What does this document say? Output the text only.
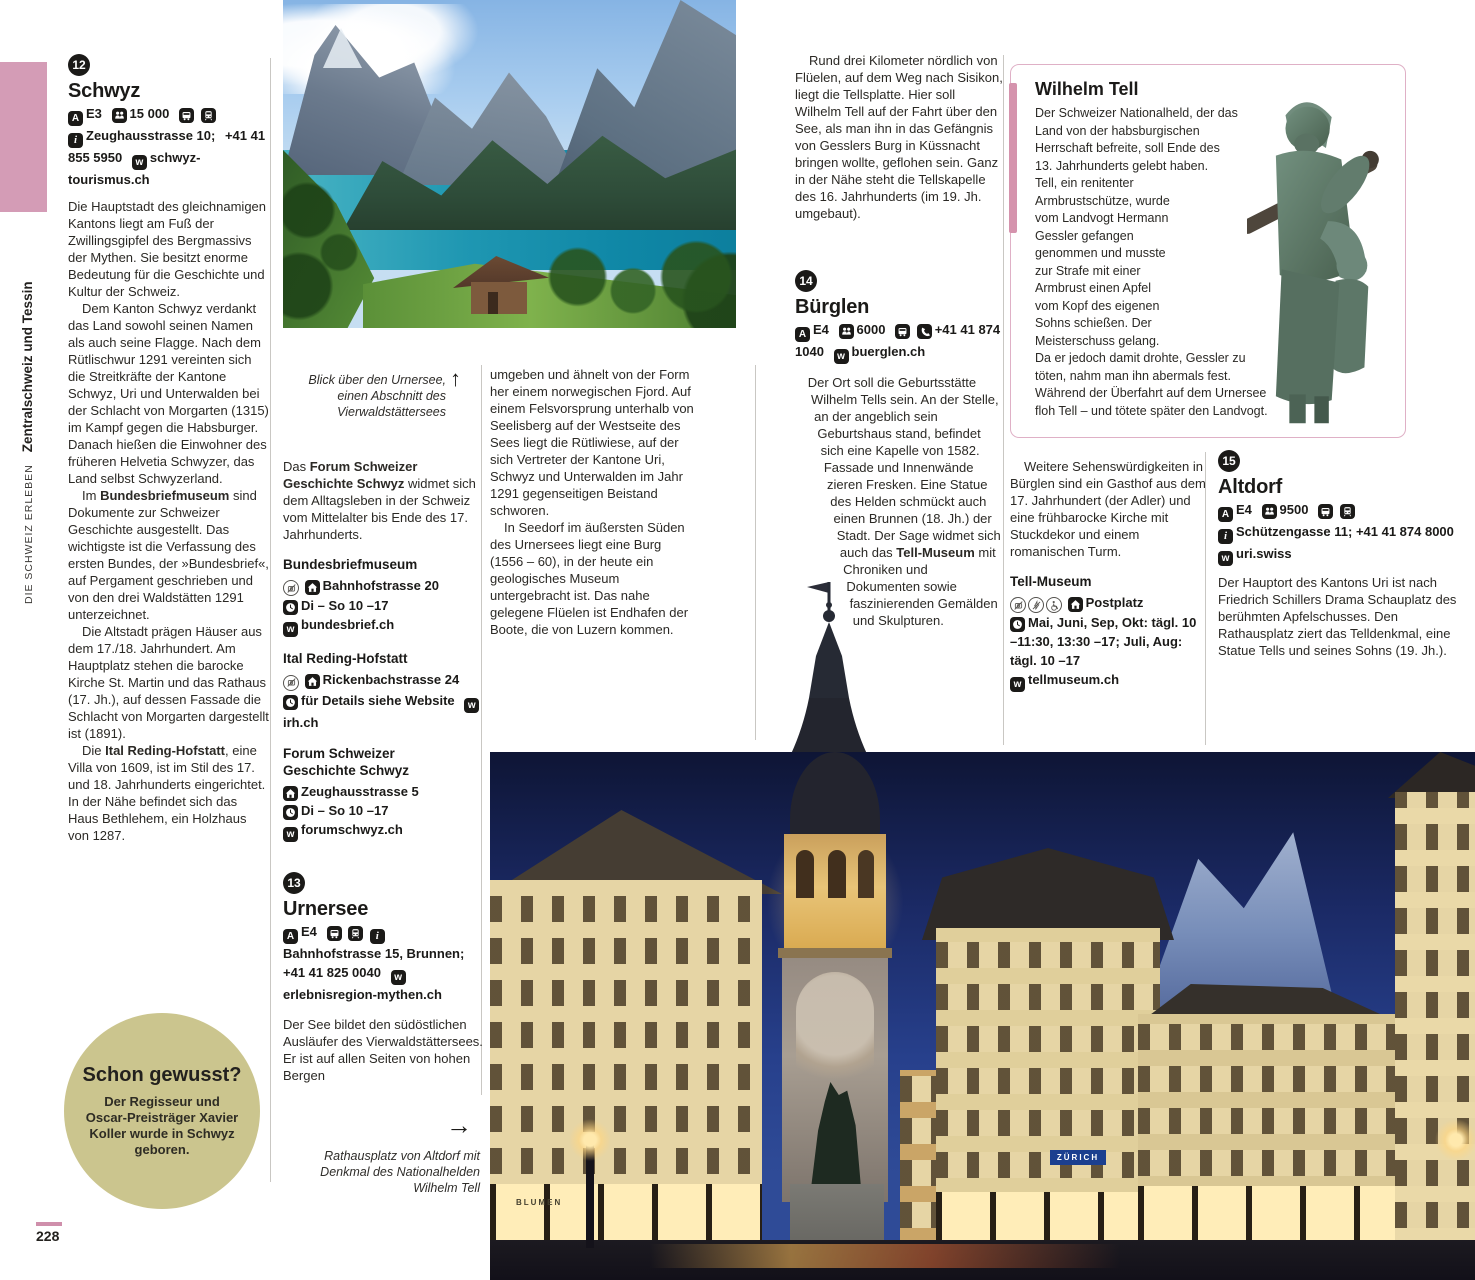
DIE SCHWEIZ ERLEBENZentralschweiz und Tessin
228
12
Schwyz

A E3 15 000

i Zeughausstrasse 10; +41 41 855 5950 w schwyz-tourismus.ch

Die Hauptstadt des gleichnamigen Kantons liegt am Fuß der Zwillingsgipfel des Bergmassivs der Mythen. Sie besitzt enorme Bedeutung für die Geschichte und Kultur der Schweiz.

Dem Kanton Schwyz verdankt das Land sowohl seinen Namen als auch seine Flagge. Nach dem Rütlischwur 1291 vereinten sich die Streitkräfte der Kantone Schwyz, Uri und Unterwalden bei der Schlacht von Morgarten (1315) im Kampf gegen die Habsburger. Danach hießen die Einwohner des früheren Helvetia Schwyzer, das Land selbst Schwyzerland.

Im Bundesbriefmuseum sind Dokumente zur Schweizer Geschichte ausgestellt. Das wichtigste ist die Verfassung des ersten Bundes, der »Bundesbrief«, auf Pergament geschrieben und von den drei Waldstätten 1291 unterzeichnet.

Die Altstadt prägen Häuser aus dem 17./18. Jahrhundert. Am Hauptplatz stehen die barocke Kirche St. Martin und das Rathaus (17. Jh.), auf dessen Fassade die Schlacht von Morgarten dargestellt ist (1891).

Die Ital Reding-Hofstatt, eine Villa von 1609, ist im Stil des 17. und 18. Jahrhunderts eingerichtet. In der Nähe befindet sich das Haus Bethlehem, ein Holzhaus von 1287.

Schon gewusst?
Der Regisseur und Oscar-Preisträger Xavier Koller wurde in Schwyz geboren.
Blick über den Urnersee, einen Abschnitt des Vierwaldstättersees
↑

Das Forum Schweizer Geschichte Schwyz widmet sich dem Alltagsleben in der Schweiz vom Mittelalter bis Ende des 17. Jahrhunderts.

Bundesbriefmuseum

Bahnhofstrasse 20
Di – So 10 –17
w bundesbrief.ch
Ital Reding-Hofstatt

Rickenbachstrasse 24

für Details siehe Website wirh.ch
Forum Schweizer Geschichte Schwyz
Zeughausstrasse 5
Di – So 10 –17
w forumschwyz.ch
13
Urnersee

A E4
	iBahnhofstrasse 15, Brunnen; +41 41 825 0040 werlebnisregion-mythen.ch

Der See bildet den südöstlichen Ausläufer des Vierwaldstättersees. Er ist auf allen Seiten von hohen Bergen

→
Rathausplatz von Altdorf mit Denkmal des Nationalhelden Wilhelm Tell

umgeben und ähnelt von der Form her einem norwegischen Fjord. Auf einem Felsvorsprung unterhalb von Seelisberg auf der Westseite des Sees liegt die Rütliwiese, auf der sich Vertreter der Kantone Uri, Schwyz und Unterwalden im Jahr 1291 gegenseitigen Beistand schworen.

In Seedorf im äußersten Süden des Urnersees liegt eine Burg (1556 – 60), in der heute ein geologisches Museum untergebracht ist. Das nahe gelegene Flüelen ist Endhafen der Boote, die von Luzern kommen.

Rund drei Kilometer nördlich von Flüelen, auf dem Weg nach Sisikon, liegt die Tellsplatte. Hier soll Wilhelm Tell auf der Fahrt über den See, als man ihn in das Gefängnis von Gesslers Burg in Küssnacht bringen wollte, geflohen sein. Ganz in der Nähe steht die Tellskapelle des 16. Jahrhunderts (im 19. Jh. umgebaut).

14
Bürglen

A E4 6000
	+41 41 874 1040 w buerglen.ch

Der Ort soll die Geburtsstätte Wilhelm Tells sein. An der Stelle, an der angeblich sein Geburtshaus stand, befindet sich eine Kapelle von 1582. Fassade und Innenwände zieren Fresken. Eine Statue des Helden schmückt auch einen Brunnen (18. Jh.) der Stadt. Der Sage widmet sich auch das Tell-Museum mit Chroniken und Dokumenten sowie faszinierenden Gemälden und Skulpturen.

Wilhelm Tell

Der Schweizer Nationalheld, der das Land von der habsburgischen Herrschaft befreite, soll Ende des 13. Jahrhunderts gelebt haben. Tell, ein renitenter Armbrustschütze, wurde vom Landvogt Hermann Gessler gefangen genommen und musste zur Strafe mit einer Armbrust einen Apfel vom Kopf des eigenen Sohns schießen. Der Meisterschuss gelang. Da er jedoch damit drohte, Gessler zu töten, nahm man ihn abermals fest. Während der Überfahrt auf dem Urnersee floh Tell – und tötete später den Landvogt.

Weitere Sehenswürdigkeiten in Bürglen sind ein Gasthof aus dem 17. Jahrhundert (der Adler) und eine frühbarocke Kirche mit Stuckdekor und einem romanischen Turm.

Tell-Museum

Postplatz

Mai, Juni, Sep, Okt: tägl. 10 –11:30, 13:30 –17; Juli, Aug: tägl. 10 –17
w tellmuseum.ch
15
Altdorf

A E4 9500

i Schützengasse 11; +41 41 874 8000 w uri.swiss

Der Hauptort des Kantons Uri ist nach Friedrich Schillers Drama Schauplatz des berühmten Apfelschusses. Den Rathausplatz ziert das Telldenkmal, eine Statue Tells und seines Sohns (19. Jh.).

BLUMEN
ZÜRICH
